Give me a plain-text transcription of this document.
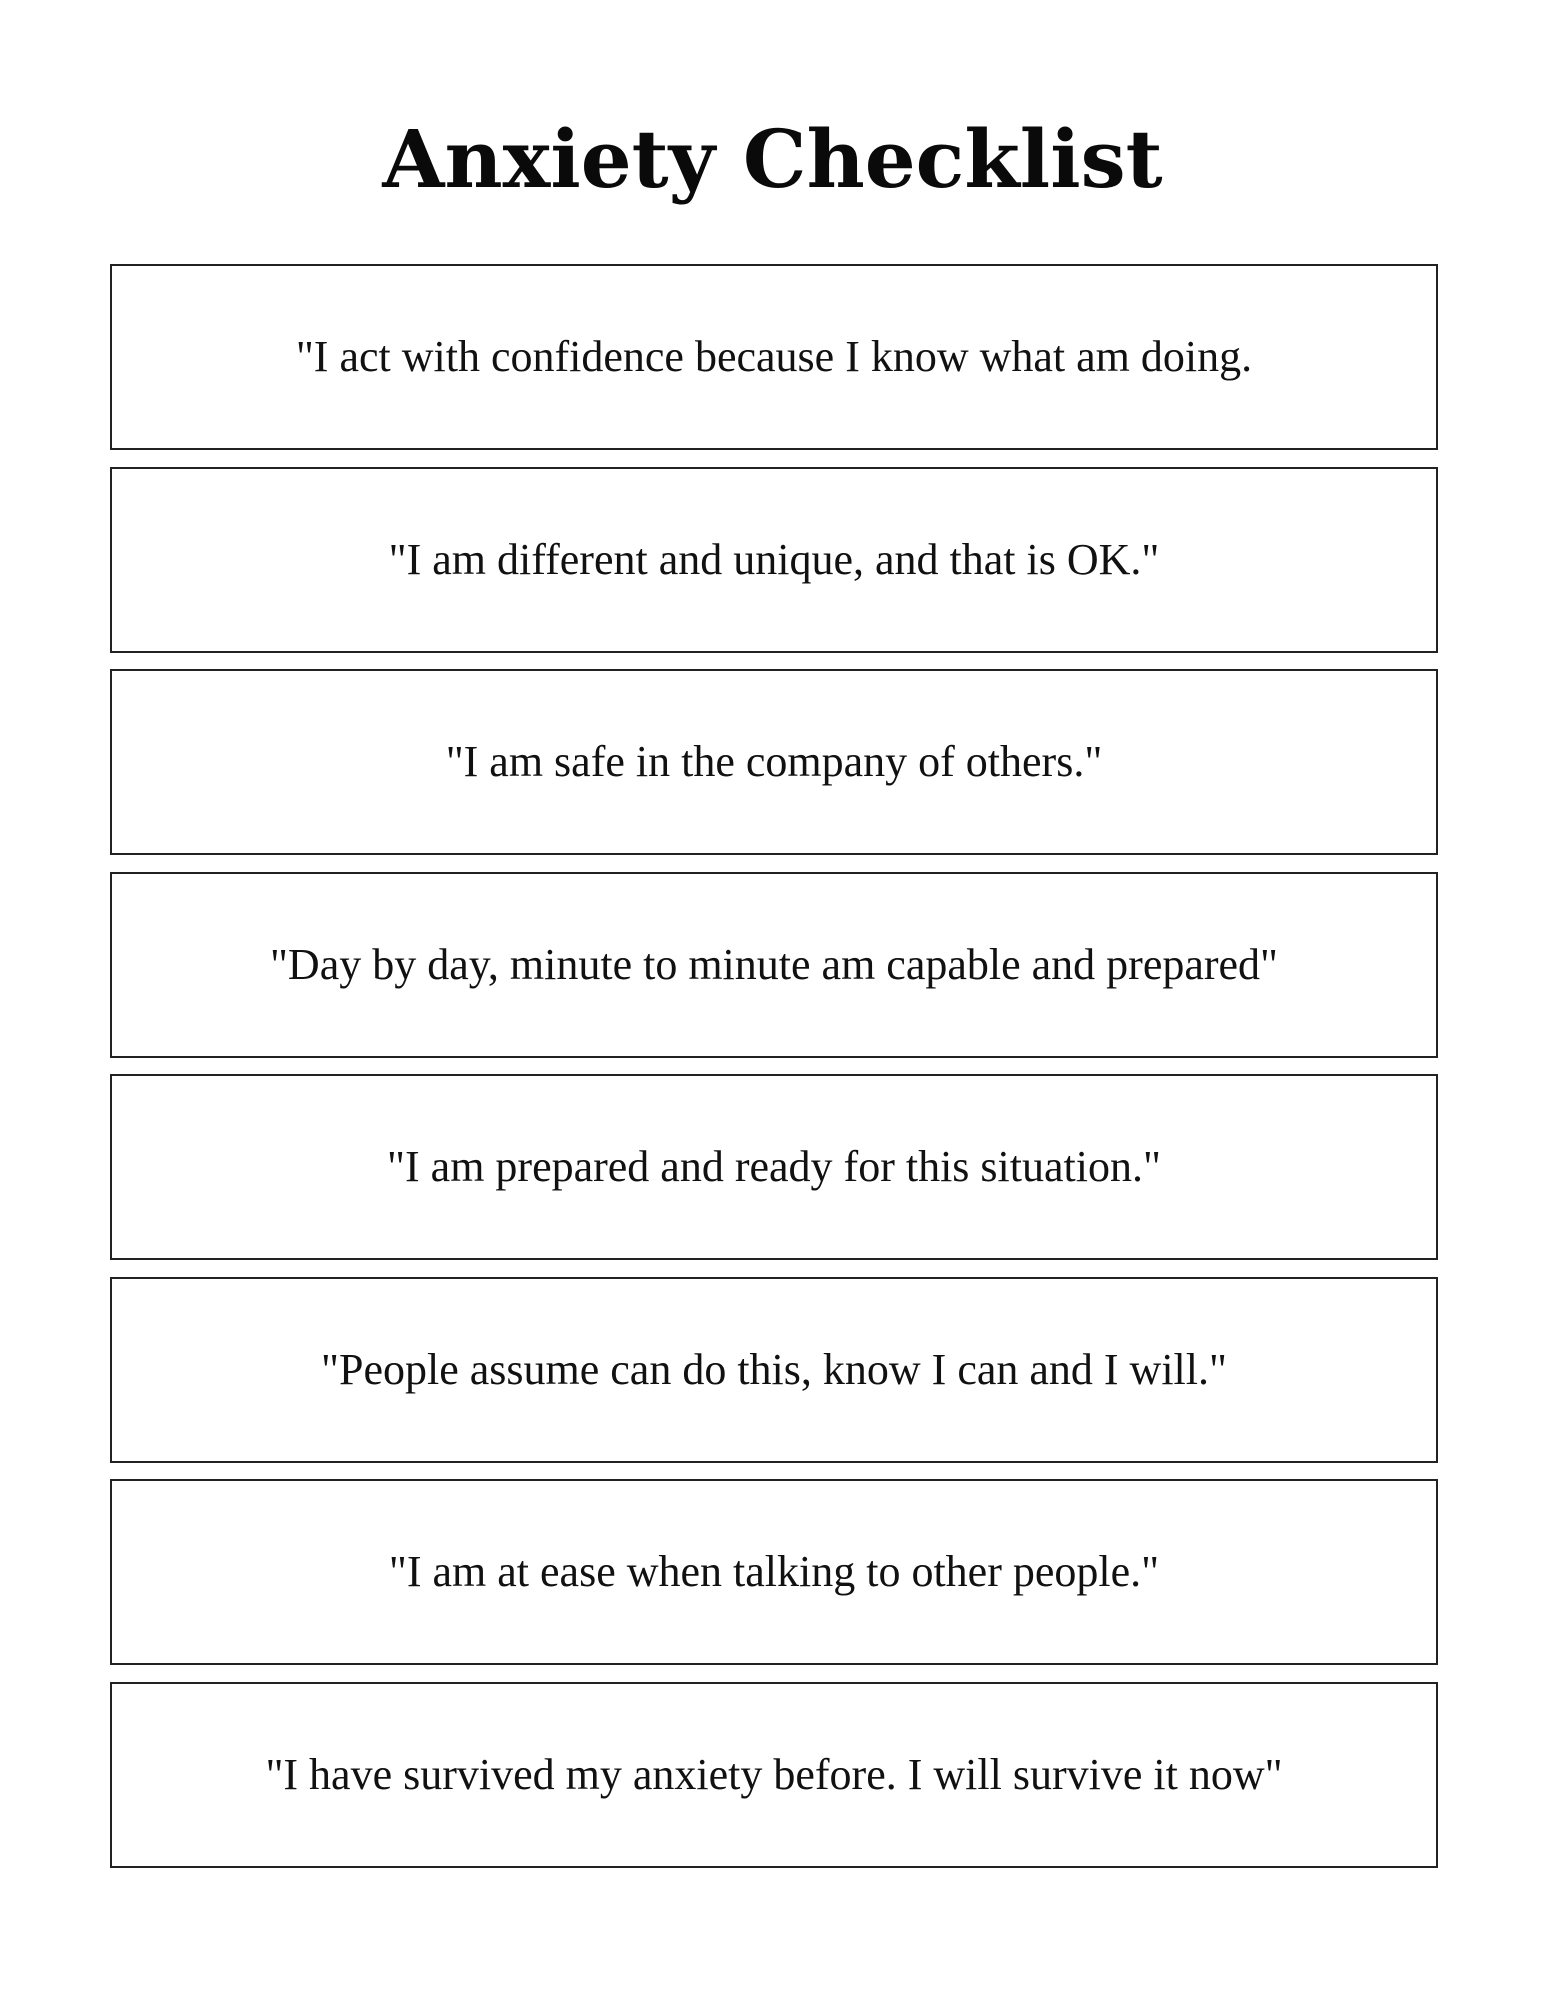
Anxiety Checklist
"I act with confidence because I know what am doing.
"I am different and unique, and that is OK."
"I am safe in the company of others."
"Day by day, minute to minute am capable and prepared"
"I am prepared and ready for this situation."
"People assume can do this, know I can and I will."
"I am at ease when talking to other people."
"I have survived my anxiety before. I will survive it now"
